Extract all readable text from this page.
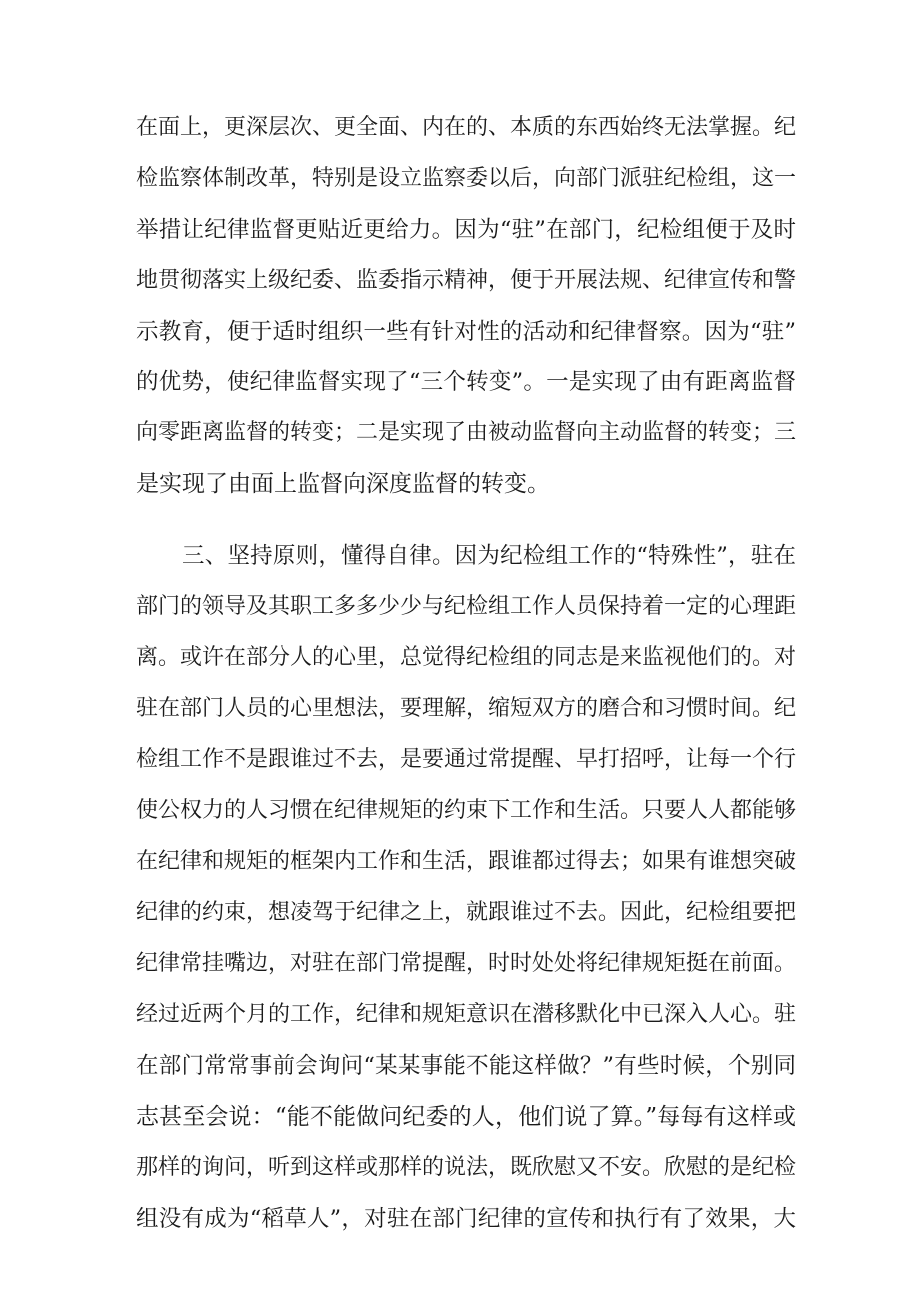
在面上，更深层次、更全面、内在的、本质的东西始终无法掌握。纪
检监察体制改革，特别是设立监察委以后，向部门派驻纪检组，这一
举措让纪律监督更贴近更给力。因为“驻”在部门，纪检组便于及时
地贯彻落实上级纪委、监委指示精神，便于开展法规、纪律宣传和警
示教育，便于适时组织一些有针对性的活动和纪律督察。因为“驻”
的优势，使纪律监督实现了“三个转变”。一是实现了由有距离监督
向零距离监督的转变；二是实现了由被动监督向主动监督的转变；三
是实现了由面上监督向深度监督的转变。
三、坚持原则，懂得自律。因为纪检组工作的“特殊性”，驻在
部门的领导及其职工多多少少与纪检组工作人员保持着一定的心理距
离。或许在部分人的心里，总觉得纪检组的同志是来监视他们的。对
驻在部门人员的心里想法，要理解，缩短双方的磨合和习惯时间。纪
检组工作不是跟谁过不去，是要通过常提醒、早打招呼，让每一个行
使公权力的人习惯在纪律规矩的约束下工作和生活。只要人人都能够
在纪律和规矩的框架内工作和生活，跟谁都过得去；如果有谁想突破
纪律的约束，想凌驾于纪律之上，就跟谁过不去。因此，纪检组要把
纪律常挂嘴边，对驻在部门常提醒，时时处处将纪律规矩挺在前面。
经过近两个月的工作，纪律和规矩意识在潜移默化中已深入人心。驻
在部门常常事前会询问“某某事能不能这样做？”有些时候，个别同
志甚至会说：“能不能做问纪委的人，他们说了算。”每每有这样或
那样的询问，听到这样或那样的说法，既欣慰又不安。欣慰的是纪检
组没有成为“稻草人”，对驻在部门纪律的宣传和执行有了效果，大
